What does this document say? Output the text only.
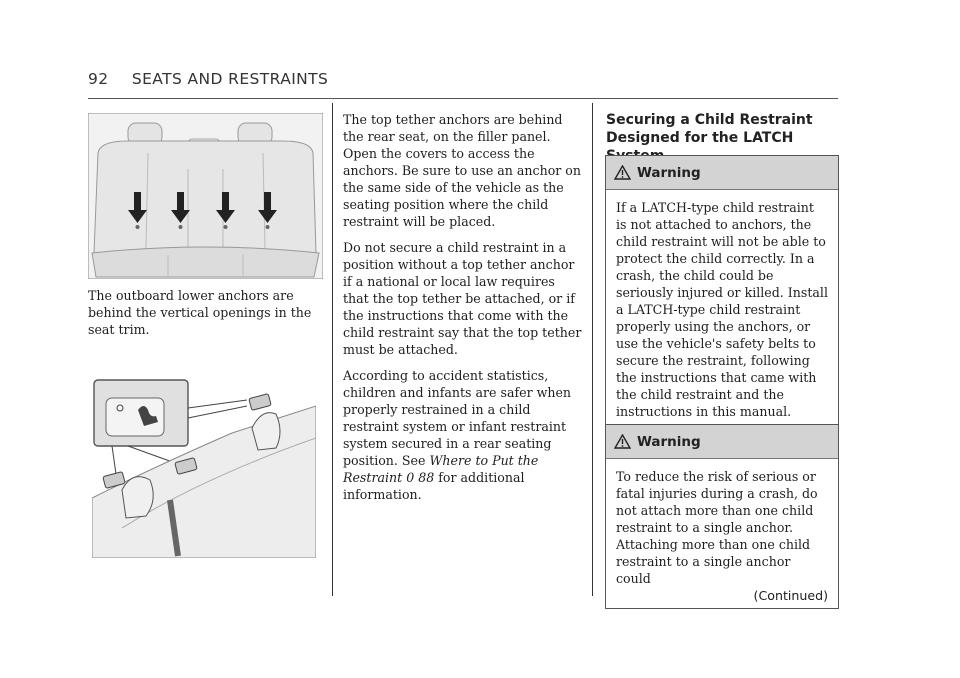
92 SEATS AND RESTRAINTS

The outboard lower anchors are behind the vertical openings in the seat trim.

The top tether anchors are behind the rear seat, on the filler panel. Open the covers to access the anchors. Be sure to use an anchor on the same side of the vehicle as the seating position where the child restraint will be placed.

Do not secure a child restraint in a position without a top tether anchor if a national or local law requires that the top tether be attached, or if the instructions that come with the child restraint say that the top tether must be attached.

According to accident statistics, children and infants are safer when properly restrained in a child restraint system or infant restraint system secured in a rear seating position. See Where to Put the Restraint 0 88 for additional information.

Securing a Child Restraint Designed for the LATCH
Warning
If a LATCH-type child restraint is not attached to anchors, the child restraint will not be able to protect the child correctly. In a crash, the child could be seriously injured or killed. Install a LATCH-type child restraint properly using the anchors, or use the vehicle's safety belts to secure the restraint, following the instructions that came with the child restraint and the instructions in this manual.
Warning
To reduce the risk of serious or fatal injuries during a crash, do not attach more than one child restraint to a single anchor. Attaching more than one child restraint to a single anchor could
(Continued)
